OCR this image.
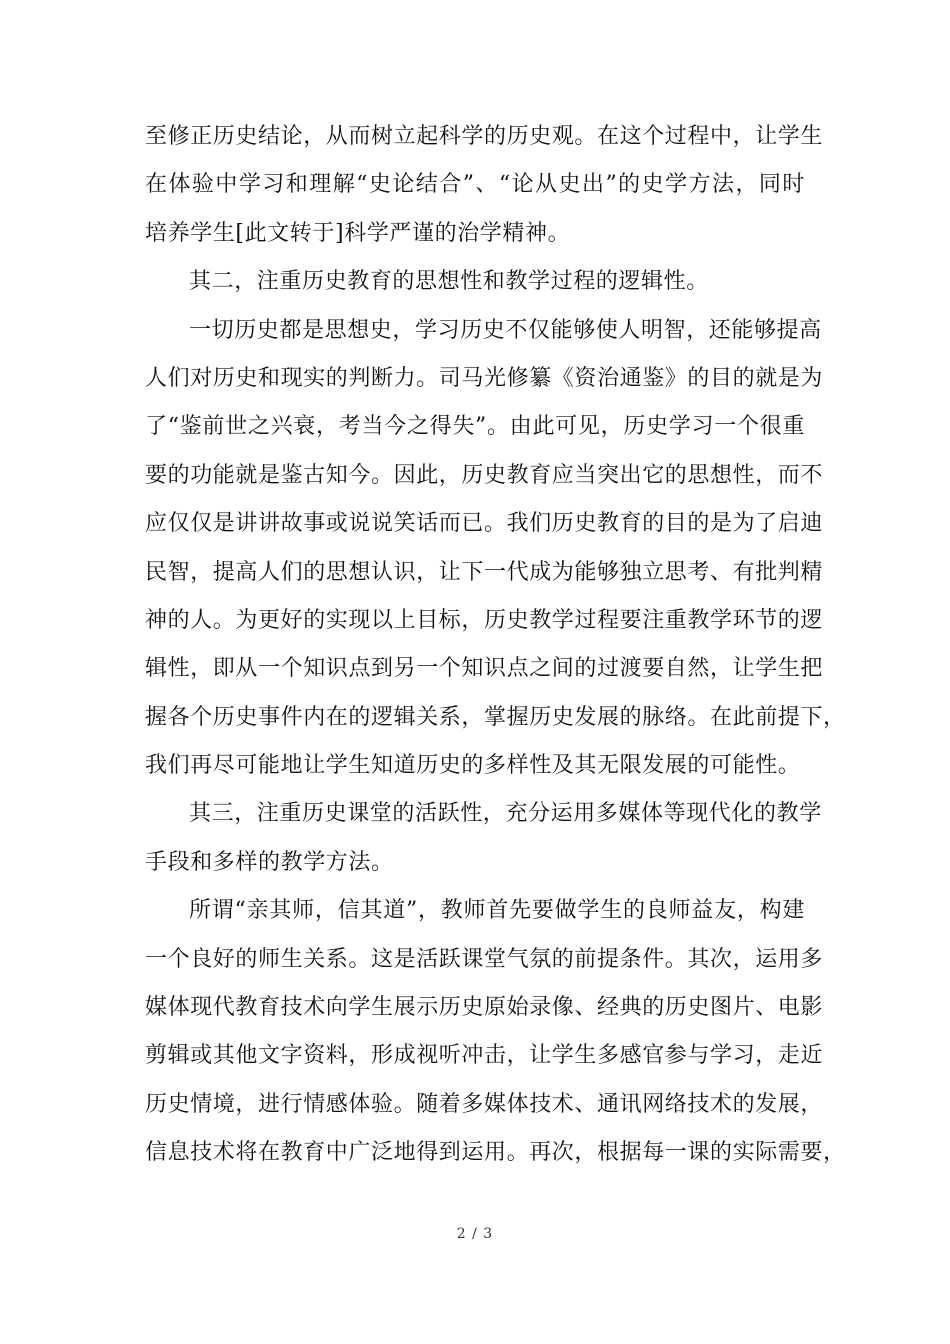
至修正历史结论，从而树立起科学的历史观。在这个过程中，让学生
在体验中学习和理解“史论结合”、“论从史出”的史学方法，同时
培养学生[此文转于]科学严谨的治学精神。
其二，注重历史教育的思想性和教学过程的逻辑性。
一切历史都是思想史，学习历史不仅能够使人明智，还能够提高
人们对历史和现实的判断力。司马光修纂《资治通鉴》的目的就是为
了“鉴前世之兴衰，考当今之得失”。由此可见，历史学习一个很重
要的功能就是鉴古知今。因此，历史教育应当突出它的思想性，而不
应仅仅是讲讲故事或说说笑话而已。我们历史教育的目的是为了启迪
民智，提高人们的思想认识，让下一代成为能够独立思考、有批判精
神的人。为更好的实现以上目标，历史教学过程要注重教学环节的逻
辑性，即从一个知识点到另一个知识点之间的过渡要自然，让学生把
握各个历史事件内在的逻辑关系，掌握历史发展的脉络。在此前提下，
我们再尽可能地让学生知道历史的多样性及其无限发展的可能性。
其三，注重历史课堂的活跃性，充分运用多媒体等现代化的教学
手段和多样的教学方法。
所谓“亲其师，信其道”，教师首先要做学生的良师益友，构建
一个良好的师生关系。这是活跃课堂气氛的前提条件。其次，运用多
媒体现代教育技术向学生展示历史原始录像、经典的历史图片、电影
剪辑或其他文字资料，形成视听冲击，让学生多感官参与学习，走近
历史情境，进行情感体验。随着多媒体技术、通讯网络技术的发展，
信息技术将在教育中广泛地得到运用。再次，根据每一课的实际需要，
2 / 3
